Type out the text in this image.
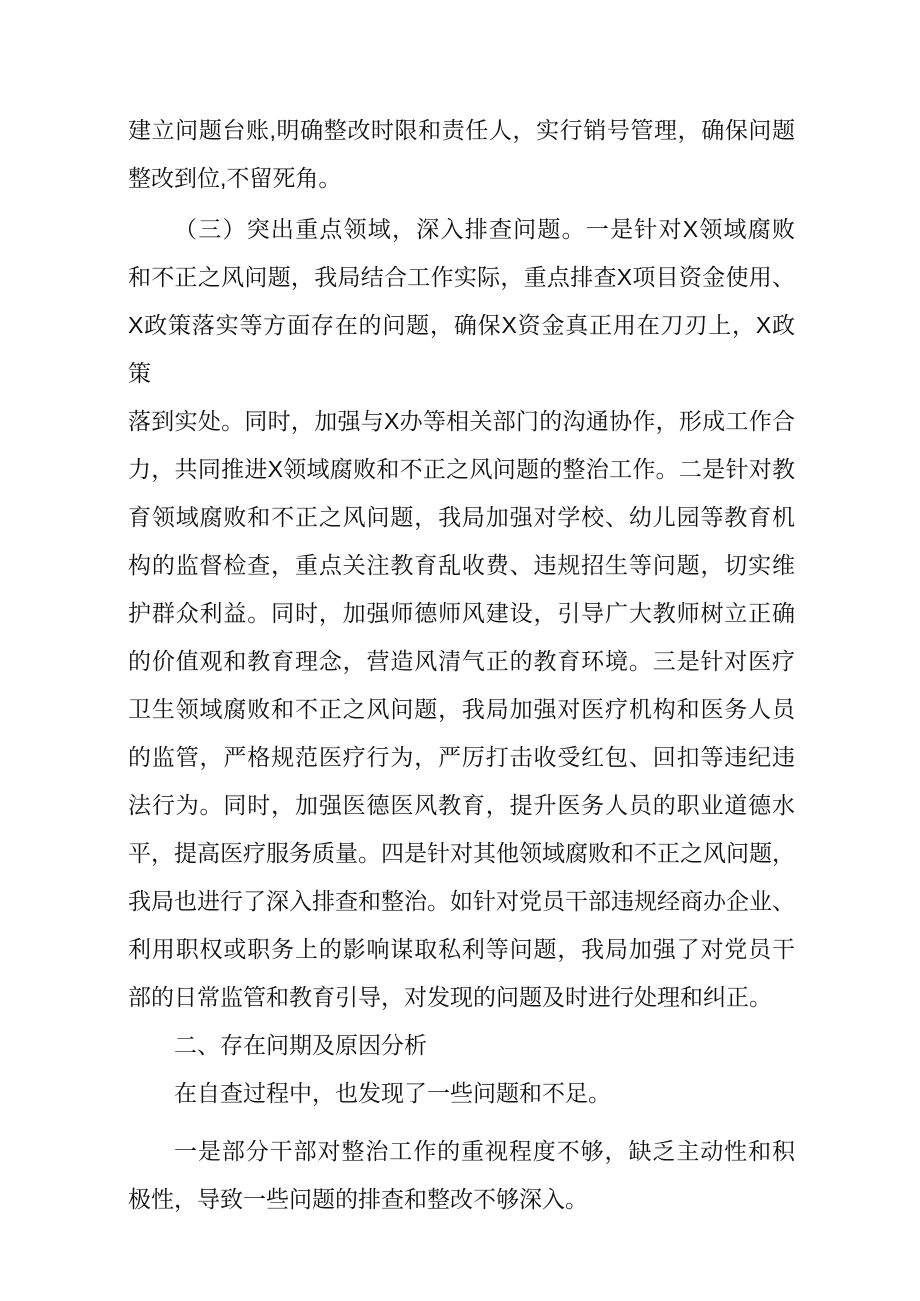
建立问题台账,明确整改时限和责任人，实行销号管理，确保问题
整改到位,不留死角。
（三）突出重点领域，深入排查问题。一是针对X领域腐败
和不正之风问题，我局结合工作实际，重点排查X项目资金使用、
X政策落实等方面存在的问题，确保X资金真正用在刀刃上，X政策
落到实处。同时，加强与X办等相关部门的沟通协作，形成工作合
力，共同推进X领域腐败和不正之风问题的整治工作。二是针对教
育领域腐败和不正之风问题，我局加强对学校、幼儿园等教育机
构的监督检查，重点关注教育乱收费、违规招生等问题，切实维
护群众利益。同时，加强师德师风建设，引导广大教师树立正确
的价值观和教育理念，营造风清气正的教育环境。三是针对医疗
卫生领域腐败和不正之风问题，我局加强对医疗机构和医务人员
的监管，严格规范医疗行为，严厉打击收受红包、回扣等违纪违
法行为。同时，加强医德医风教育，提升医务人员的职业道德水
平，提高医疗服务质量。四是针对其他领域腐败和不正之风问题，
我局也进行了深入排查和整治。如针对党员干部违规经商办企业、
利用职权或职务上的影响谋取私利等问题，我局加强了对党员干
部的日常监管和教育引导，对发现的问题及时进行处理和纠正。
二、存在问期及原因分析
在自查过程中，也发现了一些问题和不足。
一是部分干部对整治工作的重视程度不够，缺乏主动性和积
极性，导致一些问题的排查和整改不够深入。
